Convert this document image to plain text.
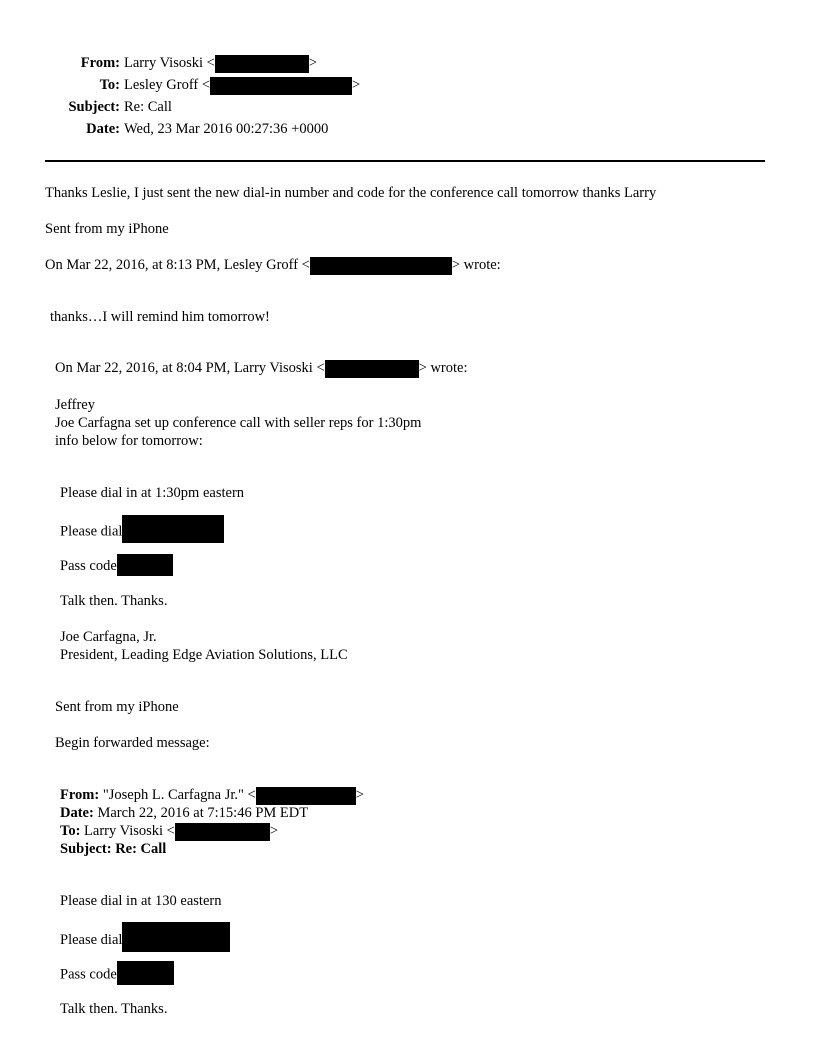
From: Larry Visoski <	>
To: Lesley Groff <	>
Subject: Re: Call
Date: Wed, 23 Mar 2016 00:27:36 +0000
Thanks Leslie, I just sent the new dial-in number and code for the conference call tomorrow thanks Larry
Sent from my iPhone
On Mar 22, 2016, at 8:13 PM, Lesley Groff <	> wrote:
thanks…I will remind him tomorrow!
On Mar 22, 2016, at 8:04 PM, Larry Visoski <	> wrote:
Jeffrey
Joe Carfagna set up conference call with seller reps for 1:30pm
info below for tomorrow:
Please dial in at 1:30pm eastern
Please dial
Pass code
Talk then. Thanks.
Joe Carfagna, Jr.
President, Leading Edge Aviation Solutions, LLC
Sent from my iPhone
Begin forwarded message:
From: "Joseph L. Carfagna Jr." <	>
Date: March 22, 2016 at 7:15:46 PM EDT
To: Larry Visoski <	>
Subject: Re: Call
Please dial in at 130 eastern
Please dial
Pass code
Talk then. Thanks.
